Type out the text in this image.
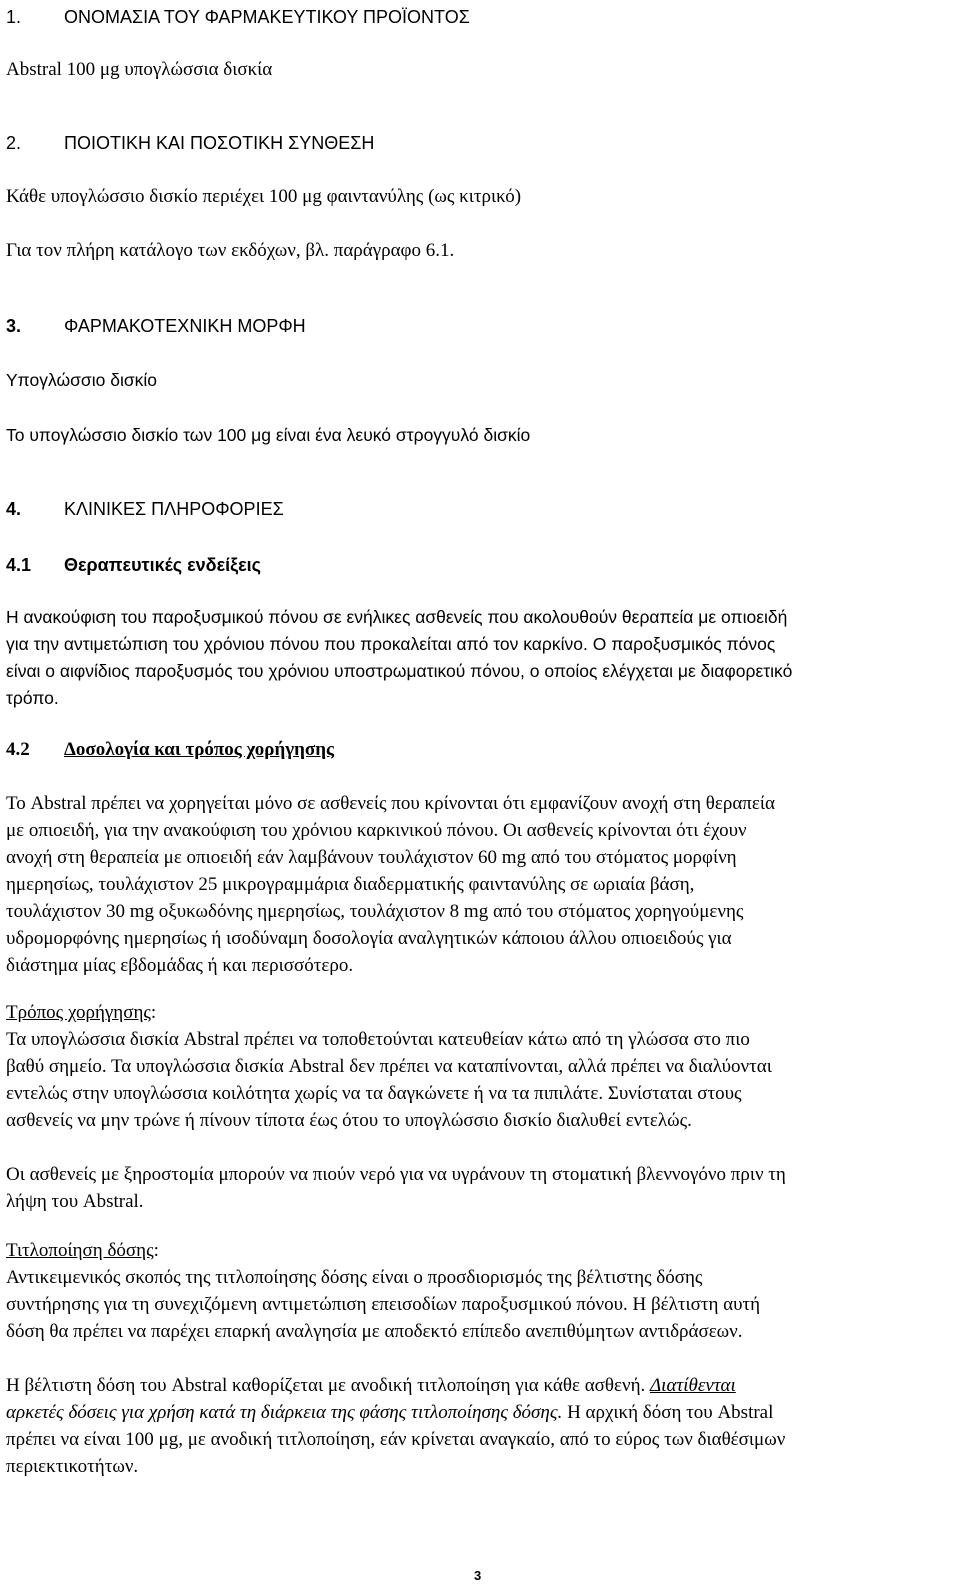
1. ΟΝΟΜΑΣΙΑ ΤΟΥ ΦΑΡΜΑΚΕΥΤΙΚΟΥ ΠΡΟΪΟΝΤΟΣ
Abstral 100 μg υπογλώσσια δισκία
2. ΠΟΙΟΤΙΚΗ ΚΑΙ ΠΟΣΟΤΙΚΗ ΣΥΝΘΕΣΗ
Κάθε υπογλώσσιο δισκίο περιέχει 100 μg φαιντανύλης (ως κιτρικό)
Για τον πλήρη κατάλογο των εκδόχων, βλ. παράγραφο 6.1.
3. ΦΑΡΜΑΚΟΤΕΧΝΙΚΗ ΜΟΡΦΗ
Υπογλώσσιο δισκίο
Το υπογλώσσιο δισκίο των 100 μg είναι ένα λευκό στρογγυλό δισκίο
4. ΚΛΙΝΙΚΕΣ ΠΛΗΡΟΦΟΡΙΕΣ
4.1 Θεραπευτικές ενδείξεις
Η ανακούφιση του παροξυσμικού πόνου σε ενήλικες ασθενείς που ακολουθούν θεραπεία με οπιοειδή
για την αντιμετώπιση του χρόνιου πόνου που προκαλείται από τον καρκίνο. Ο παροξυσμικός πόνος
είναι ο αιφνίδιος παροξυσμός του χρόνιου υποστρωματικού πόνου, ο οποίος ελέγχεται με διαφορετικό
τρόπο.
4.2 Δοσολογία και τρόπος χορήγησης
Το Abstral πρέπει να χορηγείται μόνο σε ασθενείς που κρίνονται ότι εμφανίζουν ανοχή στη θεραπεία
με οπιοειδή, για την ανακούφιση του χρόνιου καρκινικού πόνου. Οι ασθενείς κρίνονται ότι έχουν
ανοχή στη θεραπεία με οπιοειδή εάν λαμβάνουν τουλάχιστον 60 mg από του στόματος μορφίνη
ημερησίως, τουλάχιστον 25 μικρογραμμάρια διαδερματικής φαιντανύλης σε ωριαία βάση,
τουλάχιστον 30 mg οξυκωδόνης ημερησίως, τουλάχιστον 8 mg από του στόματος χορηγούμενης
υδρομορφόνης ημερησίως ή ισοδύναμη δοσολογία αναλγητικών κάποιου άλλου οπιοειδούς για
διάστημα μίας εβδομάδας ή και περισσότερο.
Τρόπος χορήγησης:
Τα υπογλώσσια δισκία Abstral πρέπει να τοποθετούνται κατευθείαν κάτω από τη γλώσσα στο πιο
βαθύ σημείο. Τα υπογλώσσια δισκία Abstral δεν πρέπει να καταπίνονται, αλλά πρέπει να διαλύονται
εντελώς στην υπογλώσσια κοιλότητα χωρίς να τα δαγκώνετε ή να τα πιπιλάτε. Συνίσταται στους
ασθενείς να μην τρώνε ή πίνουν τίποτα έως ότου το υπογλώσσιο δισκίο διαλυθεί εντελώς.
Οι ασθενείς με ξηροστομία μπορούν να πιούν νερό για να υγράνουν τη στοματική βλεννογόνο πριν τη
λήψη του Abstral.
Τιτλοποίηση δόσης:
Αντικειμενικός σκοπός της τιτλοποίησης δόσης είναι ο προσδιορισμός της βέλτιστης δόσης
συντήρησης για τη συνεχιζόμενη αντιμετώπιση επεισοδίων παροξυσμικού πόνου. Η βέλτιστη αυτή
δόση θα πρέπει να παρέχει επαρκή αναλγησία με αποδεκτό επίπεδο ανεπιθύμητων αντιδράσεων.
Η βέλτιστη δόση του Abstral καθορίζεται με ανοδική τιτλοποίηση για κάθε ασθενή. Διατίθενται
αρκετές δόσεις για χρήση κατά τη διάρκεια της φάσης τιτλοποίησης δόσης. Η αρχική δόση του Abstral
πρέπει να είναι 100 μg, με ανοδική τιτλοποίηση, εάν κρίνεται αναγκαίο, από το εύρος των διαθέσιμων
περιεκτικοτήτων.
3
